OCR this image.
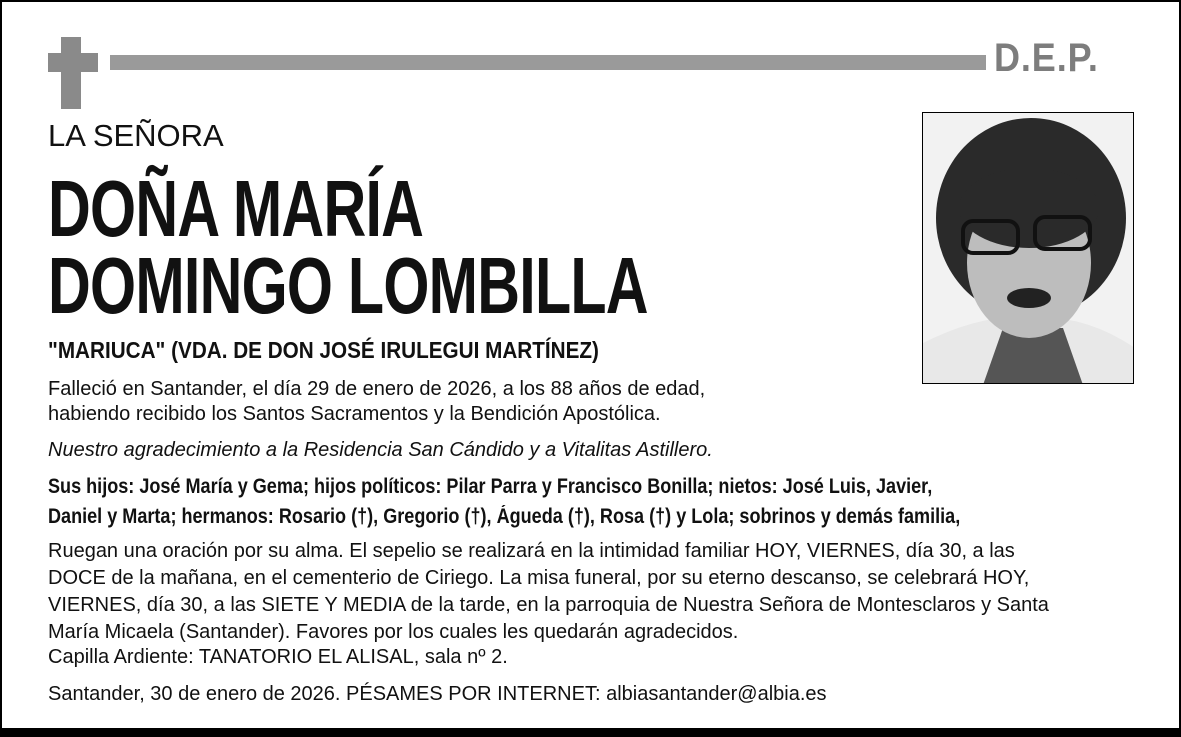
D.E.P.
LA SEÑORA
DOÑA MARÍA
DOMINGO LOMBILLA
"MARIUCA" (VDA. DE DON JOSÉ IRULEGUI MARTÍNEZ)
Falleció en Santander, el día 29 de enero de 2026, a los 88 años de edad,
habiendo recibido los Santos Sacramentos y la Bendición Apostólica.
Nuestro agradecimiento a la Residencia San Cándido y a Vitalitas Astillero.
Sus hijos: José María y Gema; hijos políticos: Pilar Parra y Francisco Bonilla; nietos: José Luis, Javier,
Daniel y Marta; hermanos: Rosario (†), Gregorio (†), Águeda (†), Rosa (†) y Lola; sobrinos y demás familia,
Ruegan una oración por su alma. El sepelio se realizará en la intimidad familiar HOY, VIERNES, día 30, a las
DOCE de la mañana, en el cementerio de Ciriego. La misa funeral, por su eterno descanso, se celebrará HOY,
VIERNES, día 30, a las SIETE Y MEDIA de la tarde, en la parroquia de Nuestra Señora de Montesclaros y Santa
María Micaela (Santander). Favores por los cuales les quedarán agradecidos.
Capilla Ardiente: TANATORIO EL ALISAL, sala nº 2.
Santander, 30 de enero de 2026. PÉSAMES POR INTERNET: albiasantander@albia.es
